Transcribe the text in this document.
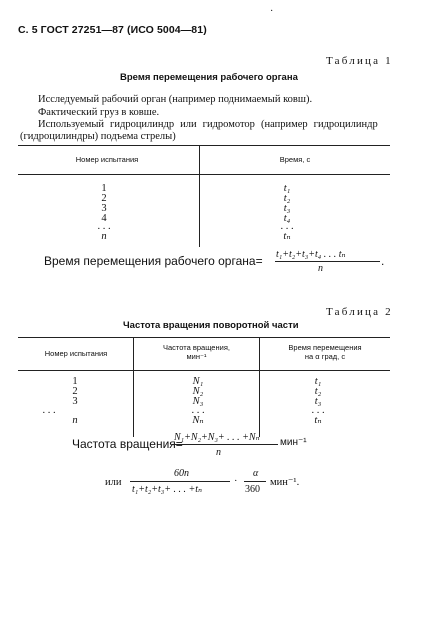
С. 5 ГОСТ 27251—87 (ИСО 5004—81)
·
Таблица 1
Время перемещения рабочего органа
Исследуемый рабочий орган (например поднимаемый ковш).
Фактический груз в ковше.
Используемый гидроцилиндр или гидромотор (например гидроцилиндр
(гидроцилиндры) подъема стрелы)
Номер испытания	Время, с
1
2
3
4
. . .
n
t₁
t₂
t₃
t₄
. . .
tₙ
Время перемещения рабочего органа= t₁+t₂+t₃+t₄ . . . tₙ
n
.
Таблица 2
Частота вращения поворотной части
Номер испытания
Частота вращения,
мин⁻¹
Время перемещения
на α град, с
1
2
3
. . .
n
N₁
N₂
N₃
. . .
Nₙ
t₁
t₂
t₃
. . .
tₙ
Частота вращения=
N₁+N₂+N₃+ . . . +Nₙ
n
мин⁻¹
или
60n
t₁+t₂+t₃+ . . . +tₙ
·
α
360
мин⁻¹.
